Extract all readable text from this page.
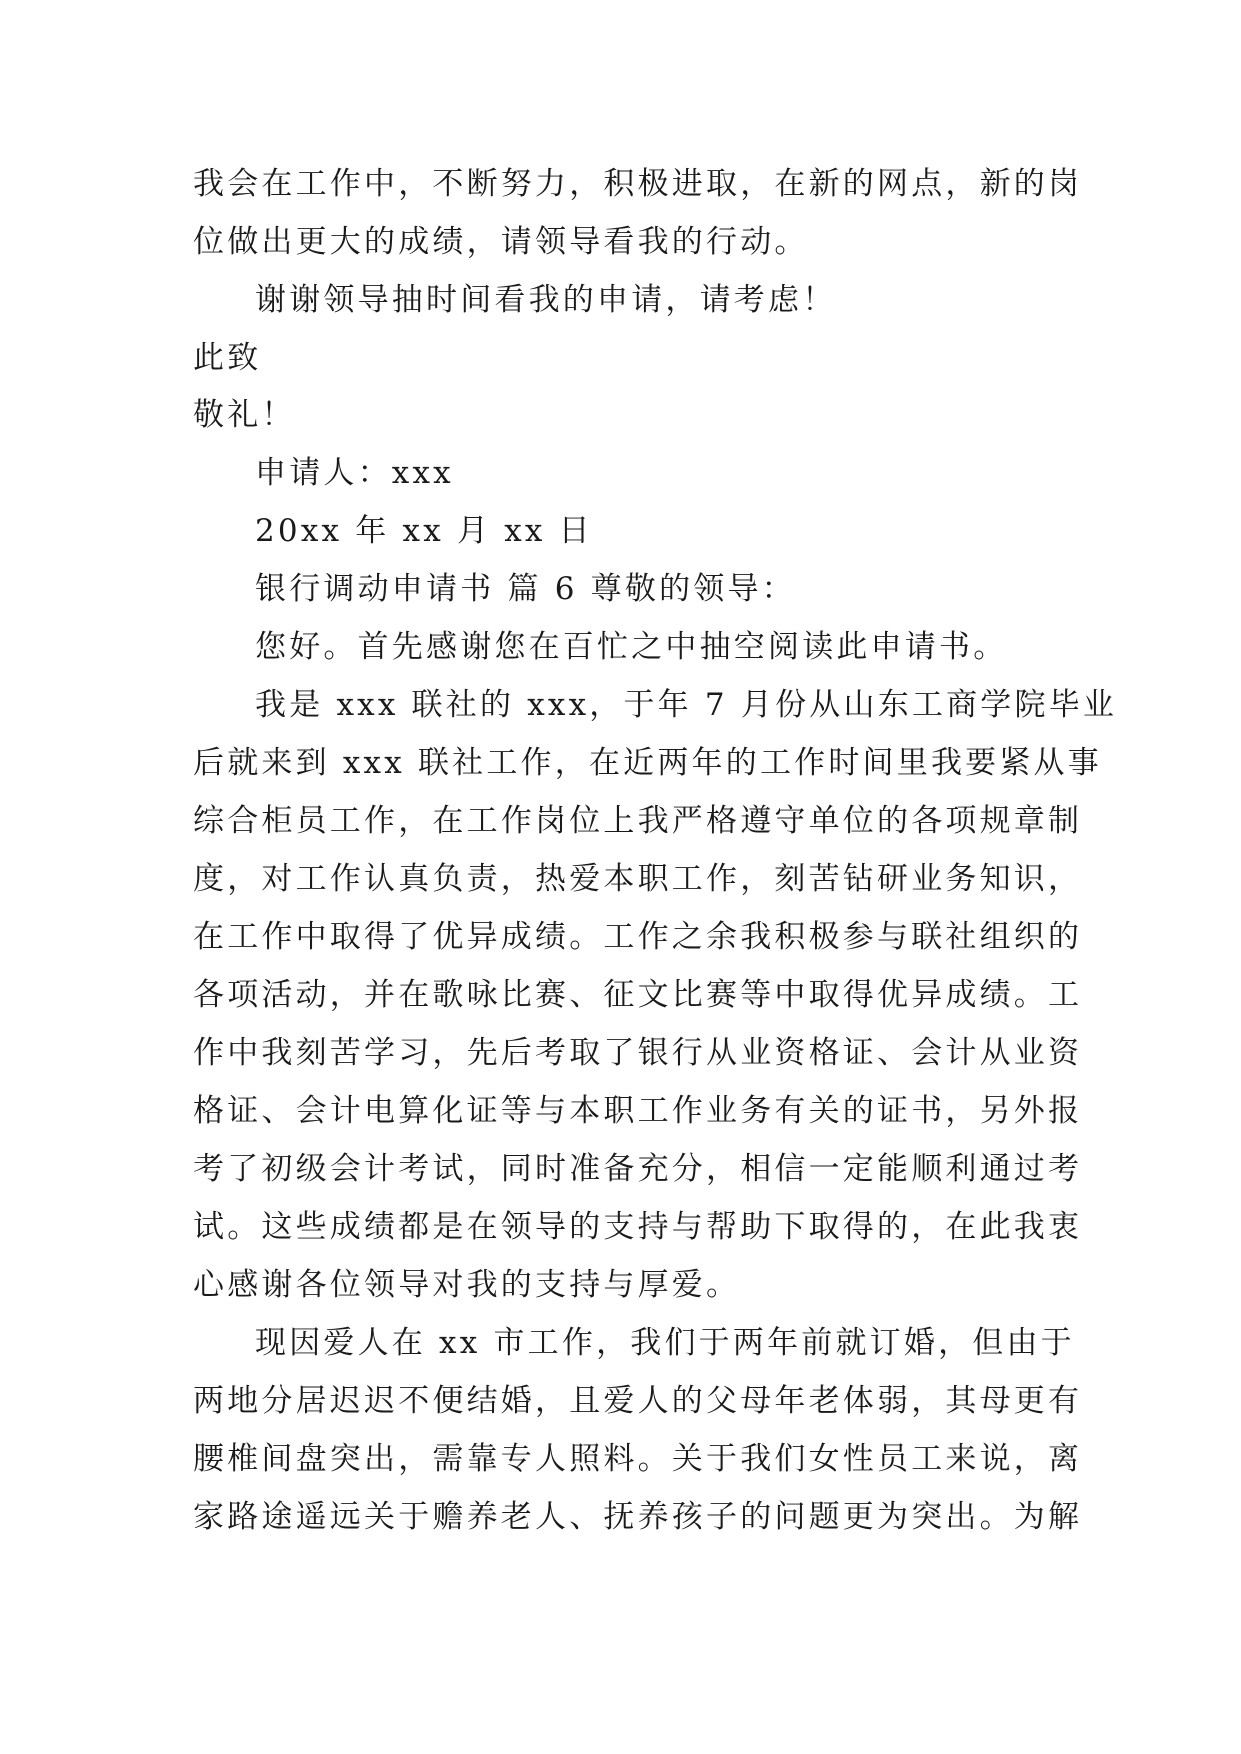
我会在工作中，不断努力，积极进取，在新的网点，新的岗
位做出更大的成绩，请领导看我的行动。
谢谢领导抽时间看我的申请，请考虑！
此致
敬礼！
申请人：xxx
20xx 年 xx 月 xx 日
银行调动申请书 篇 6 尊敬的领导：
您好。首先感谢您在百忙之中抽空阅读此申请书。
我是 xxx 联社的 xxx，于年 7 月份从山东工商学院毕业
后就来到 xxx 联社工作，在近两年的工作时间里我要紧从事
综合柜员工作，在工作岗位上我严格遵守单位的各项规章制
度，对工作认真负责，热爱本职工作，刻苦钻研业务知识，
在工作中取得了优异成绩。工作之余我积极参与联社组织的
各项活动，并在歌咏比赛、征文比赛等中取得优异成绩。工
作中我刻苦学习，先后考取了银行从业资格证、会计从业资
格证、会计电算化证等与本职工作业务有关的证书，另外报
考了初级会计考试，同时准备充分，相信一定能顺利通过考
试。这些成绩都是在领导的支持与帮助下取得的，在此我衷
心感谢各位领导对我的支持与厚爱。
现因爱人在 xx 市工作，我们于两年前就订婚，但由于
两地分居迟迟不便结婚，且爱人的父母年老体弱，其母更有
腰椎间盘突出，需靠专人照料。关于我们女性员工来说，离
家路途遥远关于赡养老人、抚养孩子的问题更为突出。为解
